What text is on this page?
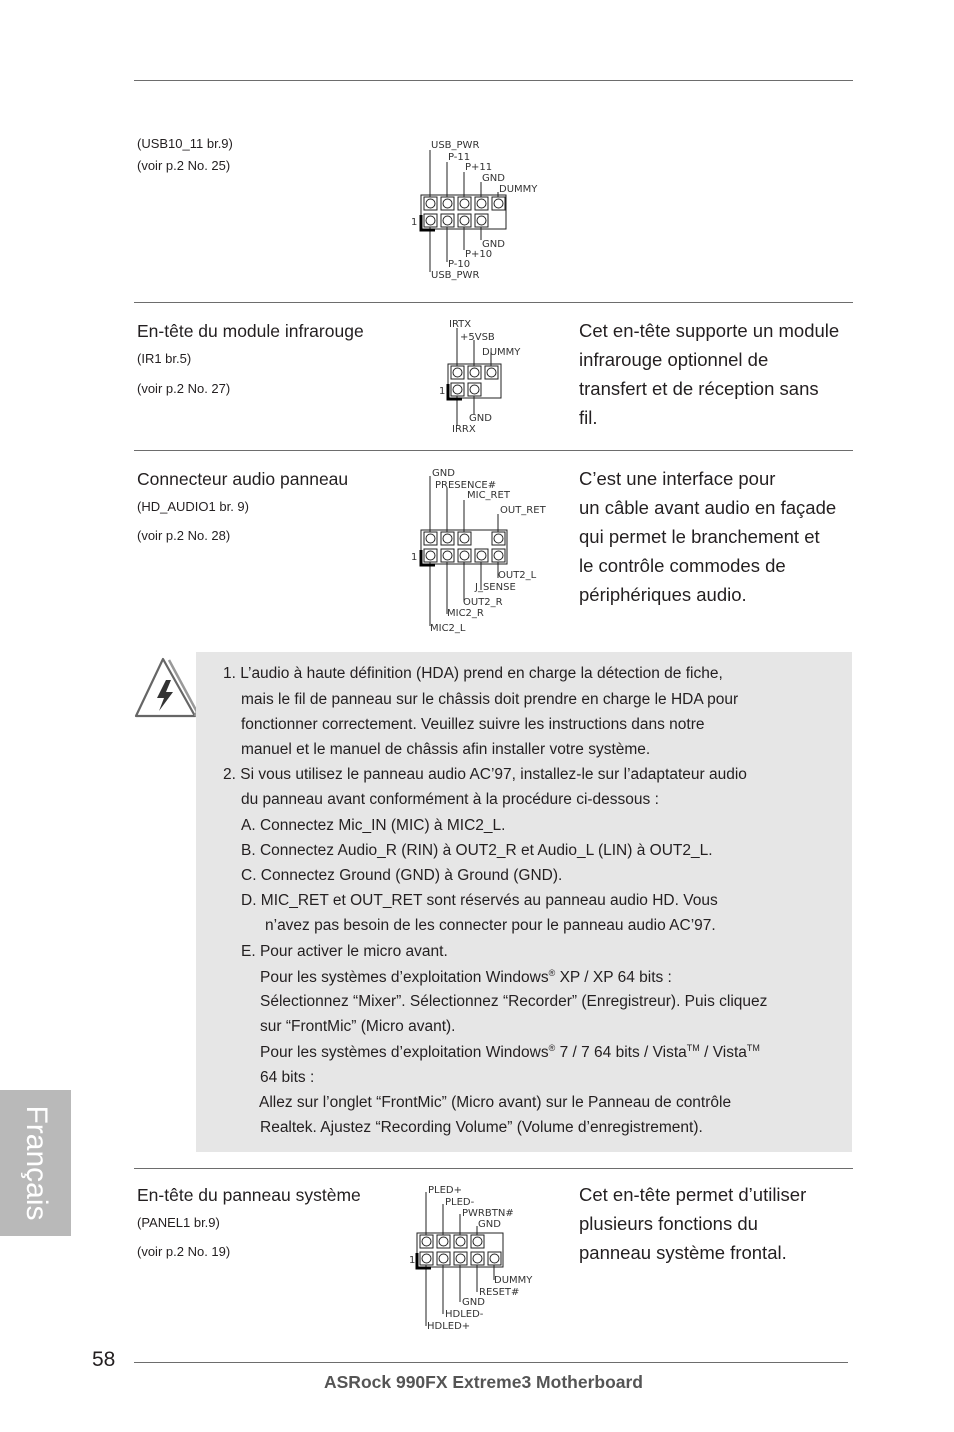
(USB10_11 br.9)
(voir p.2 No. 25)
1
USB_PWR
P-11
P+11
GND
DUMMY
GND
P+10
P-10
USB_PWR
En-tête du module infrarouge
(IR1 br.5)
(voir p.2 No. 27)
Cet en-tête supporte un module
infrarouge optionnel de
transfert et de réception sans
fil.
1
IRTX
+5VSB
DUMMY
GND
IRRX
Connecteur audio panneau
(HD_AUDIO1 br. 9)
(voir p.2 No. 28)
C’est une interface pour
un câble avant audio en façade
qui permet le branchement et
le contrôle commodes de
périphériques audio.
1
GND
PRESENCE#
MIC_RET
OUT_RET
OUT2_L
J_SENSE
OUT2_R
MIC2_R
MIC2_L
1. L’audio à haute définition (HDA) prend en charge la détection de fiche,
mais le fil de panneau sur le châssis doit prendre en charge le HDA pour
fonctionner correctement. Veuillez suivre les instructions dans notre
manuel et le manuel de châssis afin installer votre système.
2. Si vous utilisez le panneau audio AC’97, installez-le sur l’adaptateur audio
du panneau avant conformément à la procédure ci-dessous :
A. Connectez Mic_IN (MIC) à MIC2_L.
B. Connectez Audio_R (RIN) à OUT2_R et Audio_L (LIN) à OUT2_L.
C. Connectez Ground (GND) à Ground (GND).
D. MIC_RET et OUT_RET sont réservés au panneau audio HD. Vous
n’avez pas besoin de les connecter pour le panneau audio AC’97.
E. Pour activer le micro avant.
Pour les systèmes d’exploitation Windows® XP / XP 64 bits :
Sélectionnez “Mixer”. Sélectionnez “Recorder” (Enregistreur). Puis cliquez
sur “FrontMic” (Micro avant).
Pour les systèmes d’exploitation Windows® 7 / 7 64 bits / Vista™ / Vista™
64 bits :
Allez sur l’onglet “FrontMic” (Micro avant) sur le Panneau de contrôle
Realtek. Ajustez “Recording Volume” (Volume d’enregistrement).
En-tête du panneau système
(PANEL1 br.9)
(voir p.2 No. 19)
Cet en-tête permet d’utiliser
plusieurs fonctions du
panneau système frontal.
1
PLED+
PLED-
PWRBTN#
GND
DUMMY
RESET#
GND
HDLED-
HDLED+
Français
58
ASRock 990FX Extreme3 Motherboard
